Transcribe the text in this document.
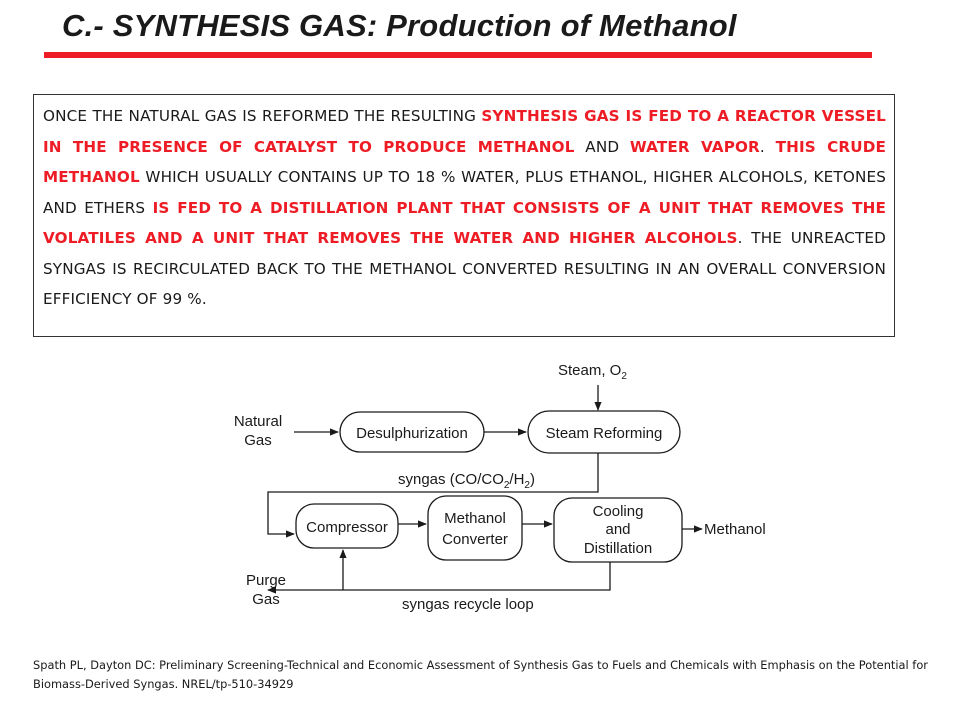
C.- SYNTHESIS GAS: Production of Methanol
ONCE THE NATURAL GAS IS REFORMED THE RESULTING SYNTHESIS GAS IS FED TO A REACTOR VESSEL IN THE PRESENCE OF CATALYST TO PRODUCE METHANOL AND WATER VAPOR. THIS CRUDE METHANOL WHICH USUALLY CONTAINS UP TO 18 % WATER, PLUS ETHANOL, HIGHER ALCOHOLS, KETONES AND ETHERS IS FED TO A DISTILLATION PLANT THAT CONSISTS OF A UNIT THAT REMOVES THE VOLATILES AND A UNIT THAT REMOVES THE WATER AND HIGHER ALCOHOLS. THE UNREACTED SYNGAS IS RECIRCULATED BACK TO THE METHANOL CONVERTED RESULTING IN AN OVERALL CONVERSION EFFICIENCY OF 99 %.
Desulphurization	Steam Reforming
Compressor
Methanol
Converter
Cooling
and
Distillation
Natural
Gas
Steam, $O_2$
syngas $(CO/CO_2/H_2)$
Methanol
Purge
Gas	syngas recycle loop
Spath PL, Dayton DC: Preliminary Screening-Technical and Economic Assessment of Synthesis Gas to Fuels and Chemicals with Emphasis on the Potential for Biomass-Derived Syngas. NREL/tp-510-34929
